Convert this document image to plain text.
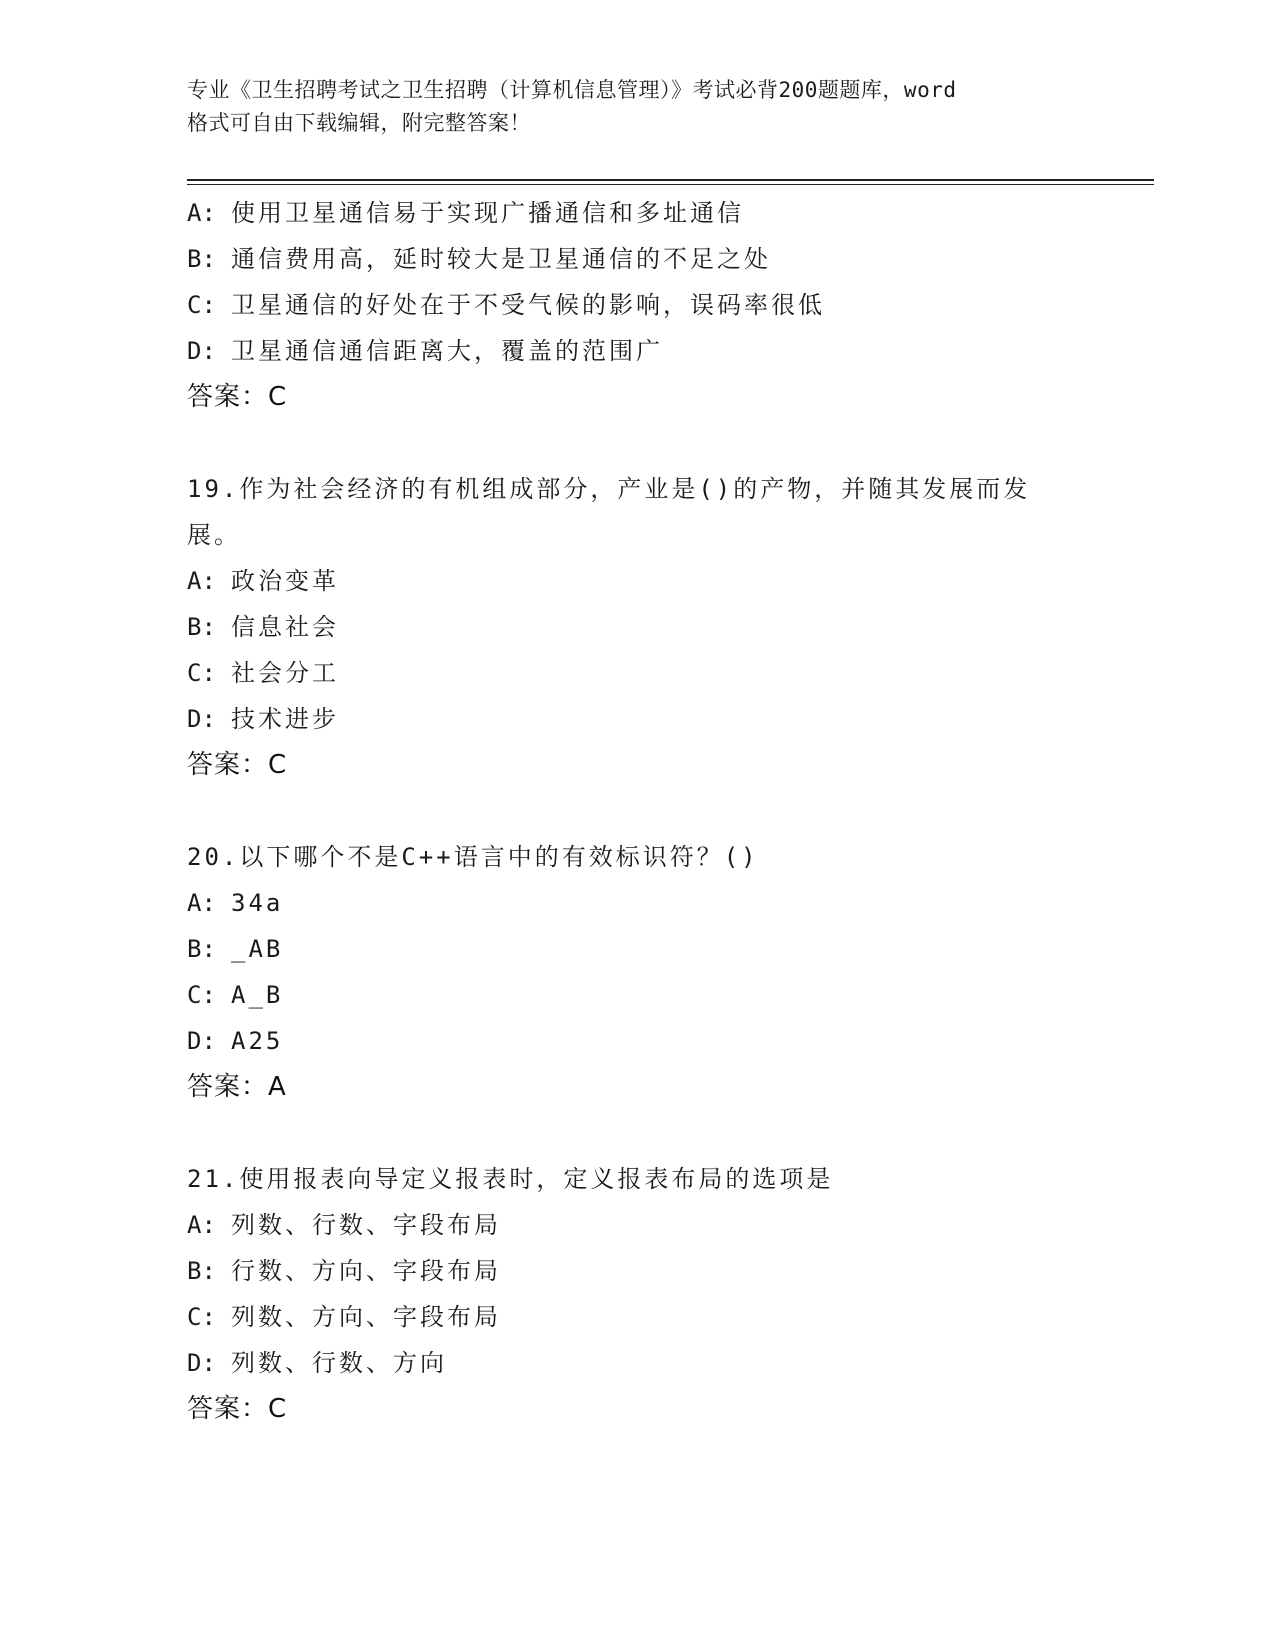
专业《卫生招聘考试之卫生招聘（计算机信息管理）》考试必背200题题库，word
格式可自由下载编辑，附完整答案！
A: 使用卫星通信易于实现广播通信和多址通信
B: 通信费用高，延时较大是卫星通信的不足之处
C: 卫星通信的好处在于不受气候的影响，误码率很低
D: 卫星通信通信距离大，覆盖的范围广
答案：C
19.作为社会经济的有机组成部分，产业是()的产物，并随其发展而发
展。
A: 政治变革
B: 信息社会
C: 社会分工
D: 技术进步
答案：C
20.以下哪个不是C++语言中的有效标识符？()
A: 34a
B: _AB
C: A_B
D: A25
答案：A
21.使用报表向导定义报表时，定义报表布局的选项是
A: 列数、行数、字段布局
B: 行数、方向、字段布局
C: 列数、方向、字段布局
D: 列数、行数、方向
答案：C
